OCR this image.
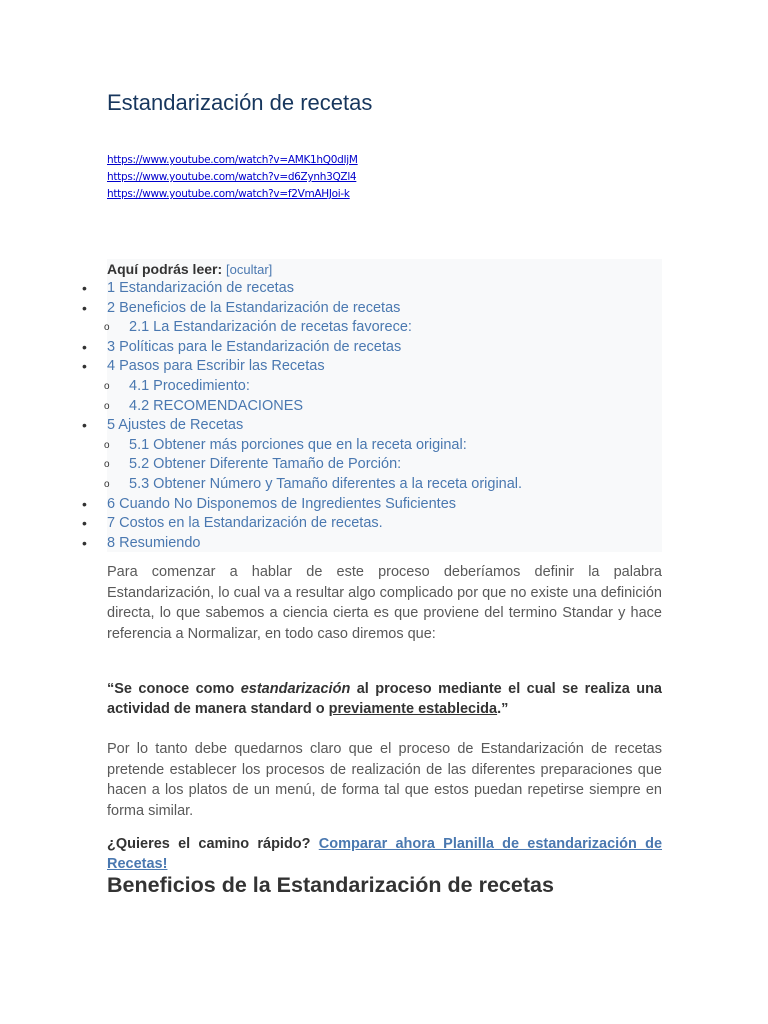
Estandarización de recetas
https://www.youtube.com/watch?v=AMK1hQ0dIjM
https://www.youtube.com/watch?v=d6Zynh3QZl4
https://www.youtube.com/watch?v=f2VmAHJoi-k
Aquí podrás leer: [ocultar]
• 1 Estandarización de recetas
• 2 Beneficios de la Estandarización de recetas
o 2.1 La Estandarización de recetas favorece:
• 3 Políticas para le Estandarización de recetas
• 4 Pasos para Escribir las Recetas
o 4.1 Procedimiento:
o 4.2 RECOMENDACIONES
• 5 Ajustes de Recetas
o 5.1 Obtener más porciones que en la receta original:
o 5.2 Obtener Diferente Tamaño de Porción:
o 5.3 Obtener Número y Tamaño diferentes a la receta original.
• 6 Cuando No Disponemos de Ingredientes Suficientes
• 7 Costos en la Estandarización de recetas.
• 8 Resumiendo
Para comenzar a hablar de este proceso deberíamos definir la palabra Estandarización, lo cual va a resultar algo complicado por que no existe una definición directa, lo que sabemos a ciencia cierta es que proviene del termino Standar y hace referencia a Normalizar, en todo caso diremos que:
“Se conoce como estandarización al proceso mediante el cual se realiza una actividad de manera standard o previamente establecida.”
Por lo tanto debe quedarnos claro que el proceso de Estandarización de recetas pretende establecer los procesos de realización de las diferentes preparaciones que hacen a los platos de un menú, de forma tal que estos puedan repetirse siempre en forma similar.
¿Quieres el camino rápido? Comparar ahora Planilla de estandarización de Recetas!
Beneficios de la Estandarización de recetas
